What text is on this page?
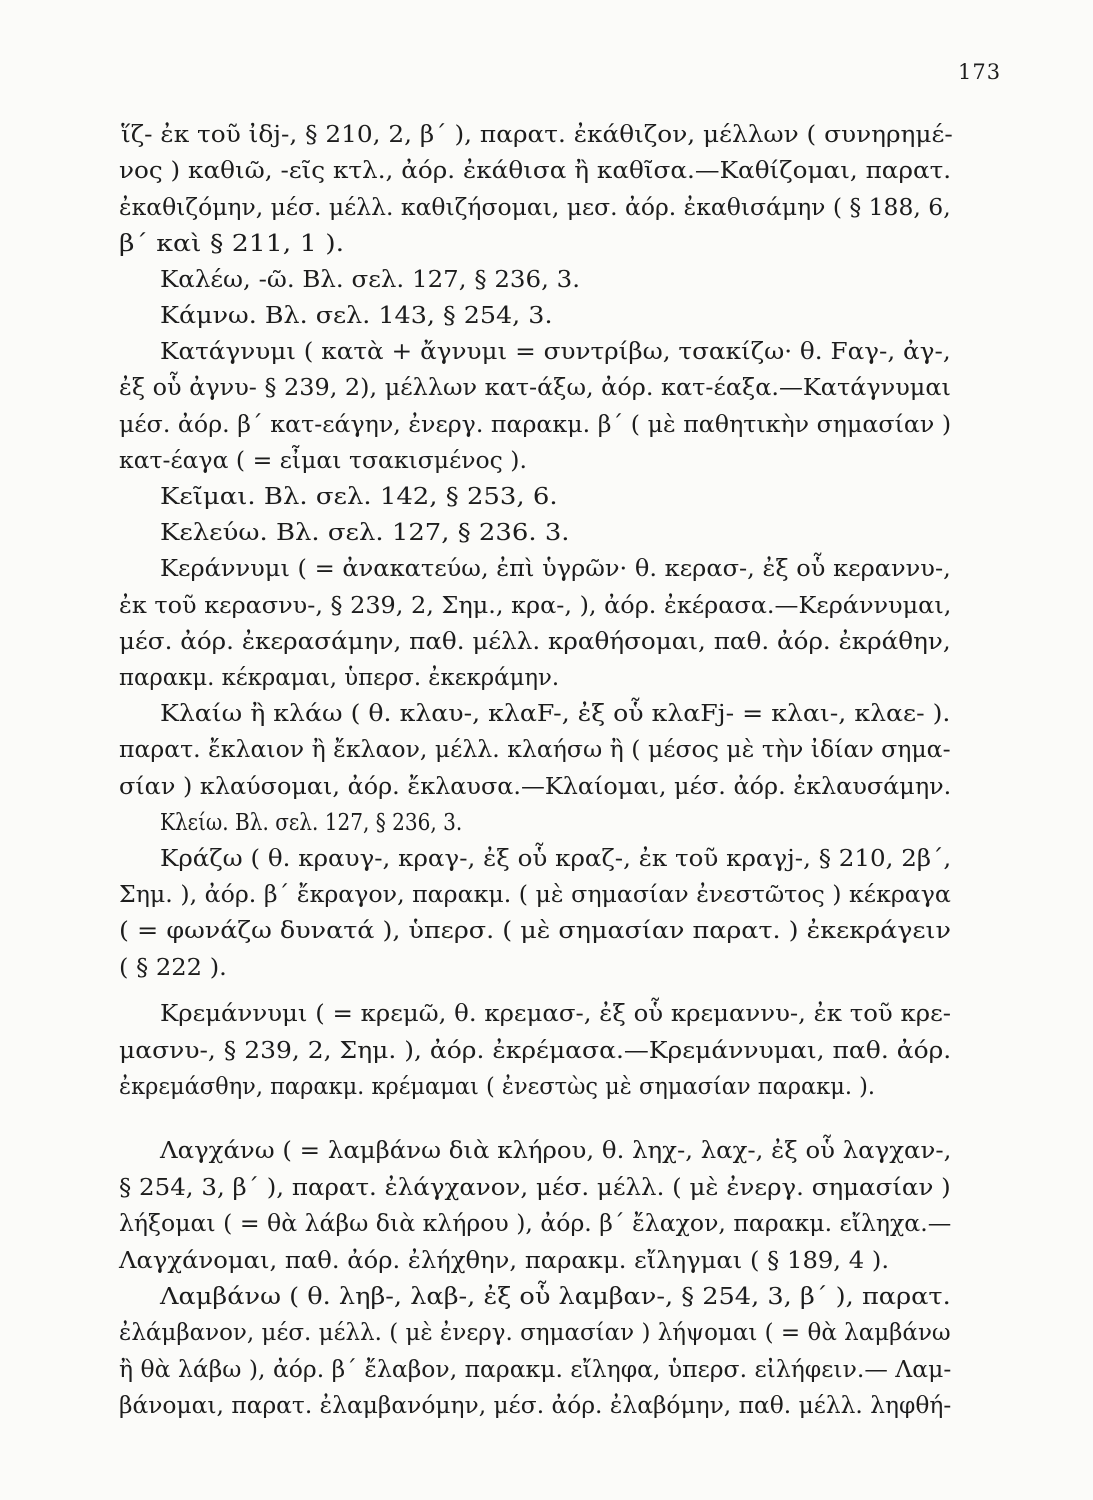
173
ἵζ- ἐκ τοῦ ἰδj-, § 210, 2, β΄ ), παρατ. ἐκάθιζον, μέλλων ( συνηρημέ-
νος ) καθιῶ, -εῖς κτλ., ἀόρ. ἐκάθισα ἢ καθῖσα.—Καθίζομαι, παρατ.
ἐκαθιζόμην, μέσ. μέλλ. καθιζήσομαι, μεσ. ἀόρ. ἐκαθισάμην ( § 188, 6,
β΄ καὶ § 211, 1 ).
Καλέω, -ῶ. Βλ. σελ. 127, § 236, 3.
Κάμνω. Βλ. σελ. 143, § 254, 3.
Κατάγνυμι ( κατὰ + ἄγνυμι = συντρίβω, τσακίζω· θ. Fαγ-, ἀγ-,
ἐξ οὗ ἀγνυ- § 239, 2), μέλλων κατ-άξω, ἀόρ. κατ-έαξα.—Κατάγνυμαι
μέσ. ἀόρ. β΄ κατ-εάγην, ἐνεργ. παρακμ. β΄ ( μὲ παθητικὴν σημασίαν )
κατ-έαγα ( = εἶμαι τσακισμένος ).
Κεῖμαι. Βλ. σελ. 142, § 253, 6.
Κελεύω. Βλ. σελ. 127, § 236. 3.
Κεράννυμι ( = ἀνακατεύω, ἐπὶ ὑγρῶν· θ. κερασ-, ἐξ οὗ κεραννυ-,
ἐκ τοῦ κερασνυ-, § 239, 2, Σημ., κρα-, ), ἀόρ. ἐκέρασα.—Κεράννυμαι,
μέσ. ἀόρ. ἐκερασάμην, παθ. μέλλ. κραθήσομαι, παθ. ἀόρ. ἐκράθην,
παρακμ. κέκραμαι, ὑπερσ. ἐκεκράμην.
Κλαίω ἢ κλάω ( θ. κλαυ-, κλαF-, ἐξ οὗ κλαFj- = κλαι-, κλαε- ).
παρατ. ἔκλαιον ἢ ἔκλαον, μέλλ. κλαήσω ἢ ( μέσος μὲ τὴν ἰδίαν σημα-
σίαν ) κλαύσομαι, ἀόρ. ἔκλαυσα.—Κλαίομαι, μέσ. ἀόρ. ἐκλαυσάμην.
Κλείω. Βλ. σελ. 127, § 236, 3.
Κράζω ( θ. κραυγ-, κραγ-, ἐξ οὗ κραζ-, ἐκ τοῦ κραγj-, § 210, 2β΄,
Σημ. ), ἀόρ. β΄ ἔκραγον, παρακμ. ( μὲ σημασίαν ἐνεστῶτος ) κέκραγα
( = φωνάζω δυνατά ), ὑπερσ. ( μὲ σημασίαν παρατ. ) ἐκεκράγειν
( § 222 ).
Κρεμάννυμι ( = κρεμῶ, θ. κρεμασ-, ἐξ οὗ κρεμαννυ-, ἐκ τοῦ κρε-
μασνυ-, § 239, 2, Σημ. ), ἀόρ. ἐκρέμασα.—Κρεμάννυμαι, παθ. ἀόρ.
ἐκρεμάσθην, παρακμ. κρέμαμαι ( ἐνεστὼς μὲ σημασίαν παρακμ. ).
Λαγχάνω ( = λαμβάνω διὰ κλήρου, θ. ληχ-, λαχ-, ἐξ οὗ λαγχαν-,
§ 254, 3, β΄ ), παρατ. ἐλάγχανον, μέσ. μέλλ. ( μὲ ἐνεργ. σημασίαν )
λήξομαι ( = θὰ λάβω διὰ κλήρου ), ἀόρ. β΄ ἔλαχον, παρακμ. εἴληχα.—
Λαγχάνομαι, παθ. ἀόρ. ἐλήχθην, παρακμ. εἴληγμαι ( § 189, 4 ).
Λαμβάνω ( θ. ληβ-, λαβ-, ἐξ οὗ λαμβαν-, § 254, 3, β΄ ), παρατ.
ἐλάμβανον, μέσ. μέλλ. ( μὲ ἐνεργ. σημασίαν ) λήψομαι ( = θὰ λαμβάνω
ἢ θὰ λάβω ), ἀόρ. β΄ ἔλαβον, παρακμ. εἴληφα, ὑπερσ. εἰλήφειν.— Λαμ-
βάνομαι, παρατ. ἐλαμβανόμην, μέσ. ἀόρ. ἐλαβόμην, παθ. μέλλ. ληφθή-
